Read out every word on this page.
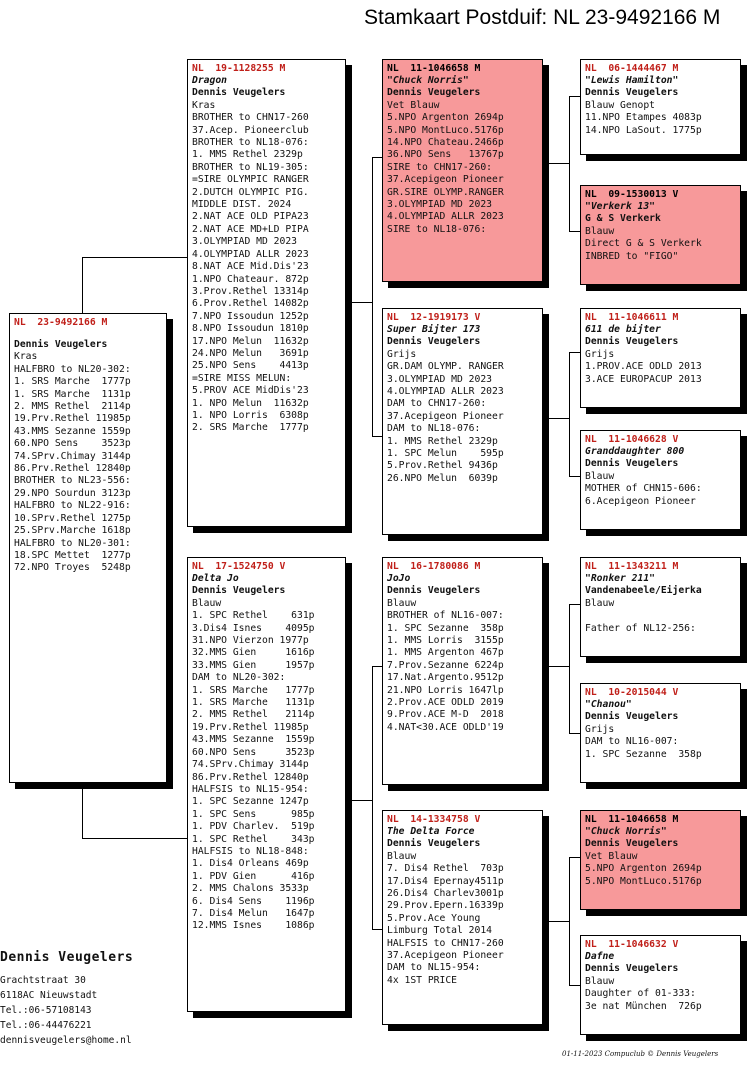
Stamkaart Postduif: NL 23-9492166 M
NL  23-9492166 M
Dennis Veugelers
Kras
HALFBRO to NL20-302:
1. SRS Marche  1777p
1. SRS Marche  1131p
2. MMS Rethel  2114p
19.Prv.Rethel 11985p
43.MMS Sezanne 1559p
60.NPO Sens    3523p
74.SPrv.Chimay 3144p
86.Prv.Rethel 12840p
BROTHER to NL23-556:
29.NPO Sourdun 3123p
HALFBRO to NL22-916:
10.SPrv.Rethel 1275p
25.SPrv.Marche 1618p
HALFBRO to NL20-301:
18.SPC Mettet  1277p
72.NPO Troyes  5248p
NL  19-1128255 M
Dragon
Dennis Veugelers
Kras
BROTHER to CHN17-260
37.Acep. Pioneerclub
BROTHER to NL18-076:
1. MMS Rethel 2329p
BROTHER to NL19-305:
=SIRE OLYMPIC RANGER
2.DUTCH OLYMPIC PIG.
MIDDLE DIST. 2024
2.NAT ACE OLD PIPA23
2.NAT ACE MD+LD PIPA
3.OLYMPIAD MD 2023
4.OLYMPIAD ALLR 2023
8.NAT ACE Mid.Dis'23
1.NPO Chateaur. 872p
3.Prov.Rethel 13314p
6.Prov.Rethel 14082p
7.NPO Issoudun 1252p
8.NPO Issoudun 1810p
17.NPO Melun  11632p
24.NPO Melun   3691p
25.NPO Sens    4413p
=SIRE MISS MELUN:
5.PROV ACE MidDis'23
1. NPO Melun  11632p
1. NPO Lorris  6308p
2. SRS Marche  1777p
NL  17-1524750 V
Delta Jo
Dennis Veugelers
Blauw
1. SPC Rethel    631p
3.Dis4 Isnes    4095p
31.NPO Vierzon 1977p
32.MMS Gien     1616p
33.MMS Gien     1957p
DAM to NL20-302:
1. SRS Marche   1777p
1. SRS Marche   1131p
2. MMS Rethel   2114p
19.Prv.Rethel 11985p
43.MMS Sezanne  1559p
60.NPO Sens     3523p
74.SPrv.Chimay 3144p
86.Prv.Rethel 12840p
HALFSIS to NL15-954:
1. SPC Sezanne 1247p
1. SPC Sens      985p
1. PDV Charlev.  519p
1. SPC Rethel    343p
HALFSIS to NL18-848:
1. Dis4 Orleans 469p
1. PDV Gien      416p
2. MMS Chalons 3533p
6. Dis4 Sens    1196p
7. Dis4 Melun   1647p
12.MMS Isnes    1086p
NL  11-1046658 M
"Chuck Norris"
Dennis Veugelers
Vet Blauw
5.NPO Argenton 2694p
5.NPO MontLuco.5176p
14.NPO Chateau.2466p
36.NPO Sens   13767p
SIRE to CHN17-260:
37.Acepigeon Pioneer
GR.SIRE OLYMP.RANGER
3.OLYMPIAD MD 2023
4.OLYMPIAD ALLR 2023
SIRE to NL18-076:
NL  12-1919173 V
Super Bijter 173
Dennis Veugelers
Grijs
GR.DAM OLYMP. RANGER
3.OLYMPIAD MD 2023
4.OLYMPIAD ALLR 2023
DAM to CHN17-260:
37.Acepigeon Pioneer
DAM to NL18-076:
1. MMS Rethel 2329p
1. SPC Melun    595p
5.Prov.Rethel 9436p
26.NPO Melun  6039p
NL  16-1780086 M
JoJo
Dennis Veugelers
Blauw
BROTHER of NL16-007:
1. SPC Sezanne  358p
1. MMS Lorris  3155p
1. MMS Argenton 467p
7.Prov.Sezanne 6224p
17.Nat.Argento.9512p
21.NPO Lorris 1647lp
2.Prov.ACE ODLD 2019
9.Prov.ACE M-D  2018
4.NAT<30.ACE ODLD'19
NL  14-1334758 V
The Delta Force
Dennis Veugelers
Blauw
7. Dis4 Rethel  703p
17.Dis4 Epernay4511p
26.Dis4 Charlev3001p
29.Prov.Epern.16339p
5.Prov.Ace Young
Limburg Total 2014
HALFSIS to CHN17-260
37.Acepigeon Pioneer
DAM to NL15-954:
4x 1ST PRICE
NL  06-1444467 M
"Lewis Hamilton"
Dennis Veugelers
Blauw Genopt
11.NPO Etampes 4083p
14.NPO LaSout. 1775p
NL  09-1530013 V
"Verkerk 13"
G & S Verkerk
Blauw
Direct G & S Verkerk
INBRED to "FIGO"
NL  11-1046611 M
611 de bijter
Dennis Veugelers
Grijs
1.PROV.ACE ODLD 2013
3.ACE EUROPACUP 2013
NL  11-1046628 V
Granddaughter 800
Dennis Veugelers
Blauw
MOTHER of CHN15-606:
6.Acepigeon Pioneer
NL  11-1343211 M
"Ronker 211"
Vandenabeele/Eijerka
Blauw

Father of NL12-256:
NL  10-2015044 V
"Chanou"
Dennis Veugelers
Grijs
DAM to NL16-007:
1. SPC Sezanne  358p
NL  11-1046658 M
"Chuck Norris"
Dennis Veugelers
Vet Blauw
5.NPO Argenton 2694p
5.NPO MontLuco.5176p
NL  11-1046632 V
Dafne
Dennis Veugelers
Blauw
Daughter of 01-333:
3e nat München  726p
Dennis Veugelers
Grachtstraat 30
6118AC Nieuwstadt
Tel.:06-57108143
Tel.:06-44476221
dennisveugelers@home.nl
01-11-2023 Compuclub © Dennis Veugelers
